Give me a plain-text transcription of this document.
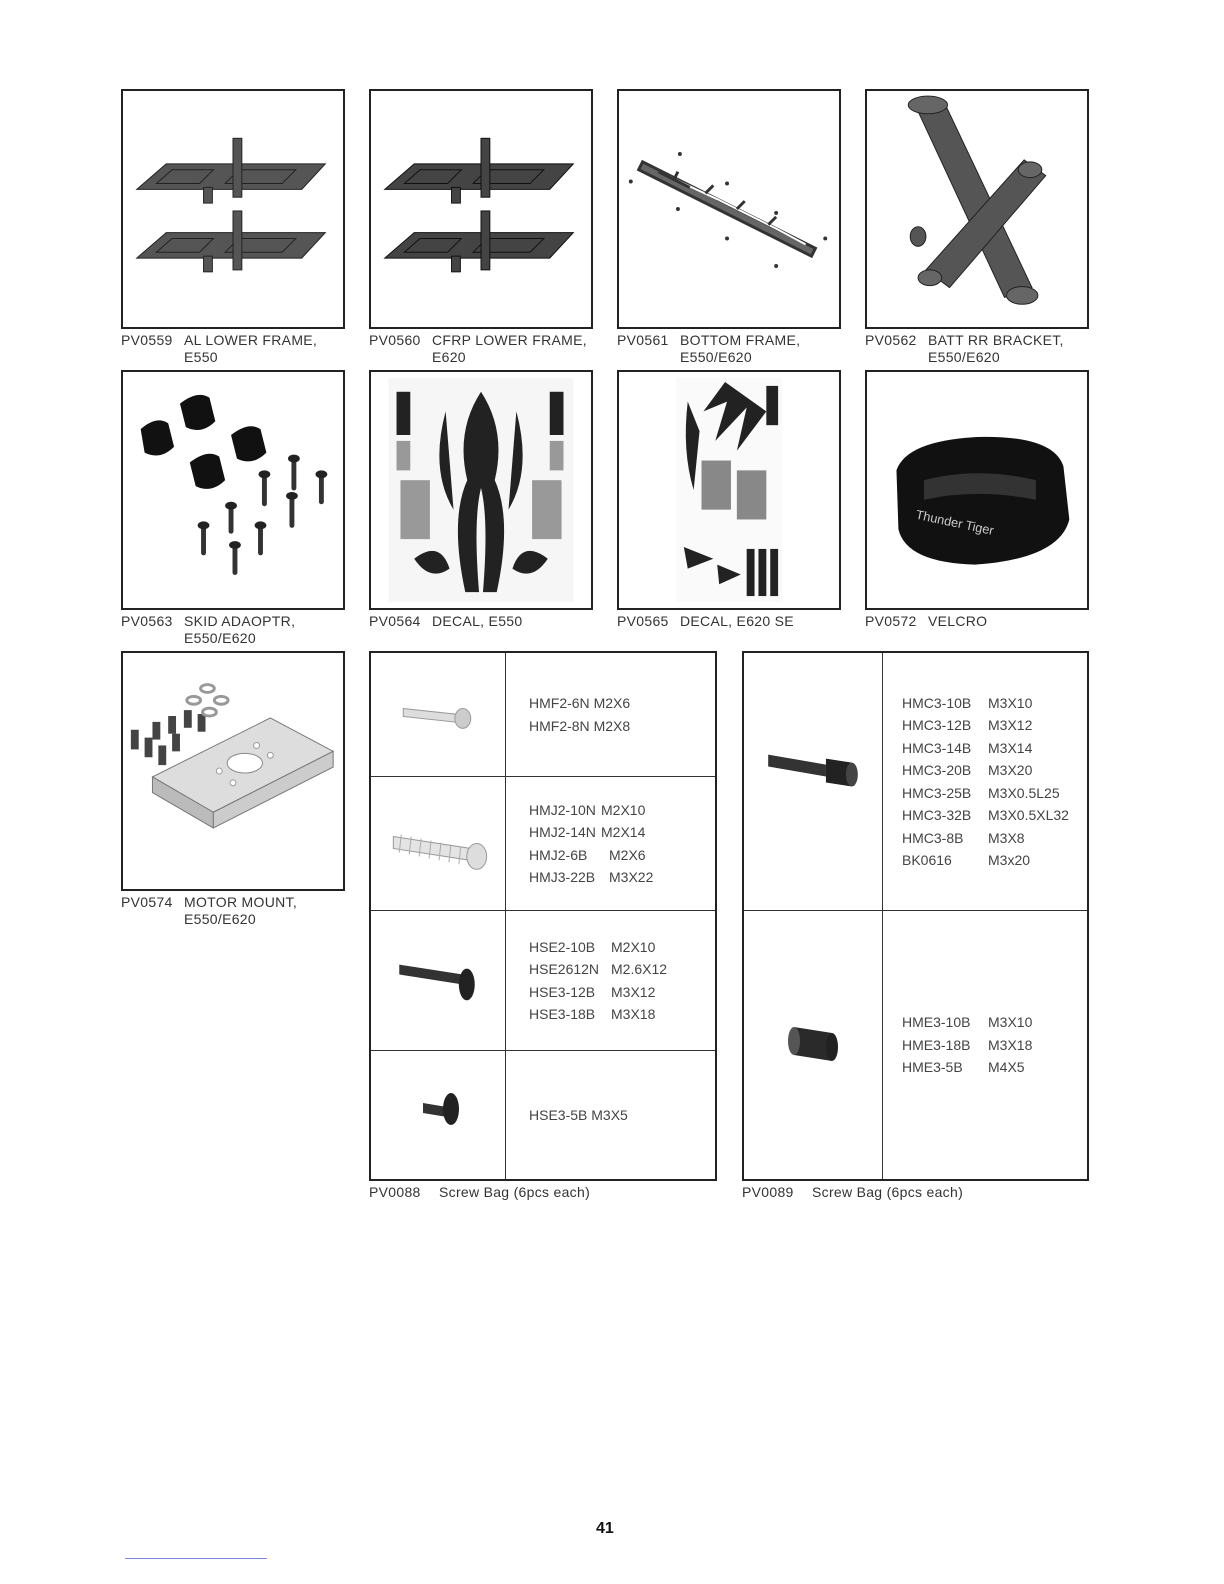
PV0559 AL LOWER FRAME,
E550
PV0560 CFRP LOWER FRAME,
E620
PV0561 BOTTOM FRAME,
E550/E620
PV0562 BATT RR BRACKET,
E550/E620
PV0563 SKID ADAOPTR,
E550/E620
PV0564 DECAL, E550	PV0565 DECAL, E620 SE
Thunder Tiger
PV0572 VELCRO
PV0574 MOTOR MOUNT,
E550/E620
HMF2-6N M2X6
HMF2-8N M2X8
HMJ2-10N M2X10
HMJ2-14N M2X14
HMJ2-6B M2X6
HMJ3-22B M3X22
HSE2-10B M2X10
HSE2612N M2.6X12
HSE3-12B M3X12
HSE3-18B M3X18
HSE3-5B M3X5
PV0088 Screw Bag (6pcs each)
HMC3-10B M3X10
HMC3-12B M3X12
HMC3-14B M3X14
HMC3-20B M3X20
HMC3-25B M3X0.5L25
HMC3-32B M3X0.5XL32
HMC3-8B M3X8
BK0616	M3x20
HME3-10B M3X10
HME3-18B M3X18
HME3-5B M4X5
PV0089 Screw Bag (6pcs each)
41
